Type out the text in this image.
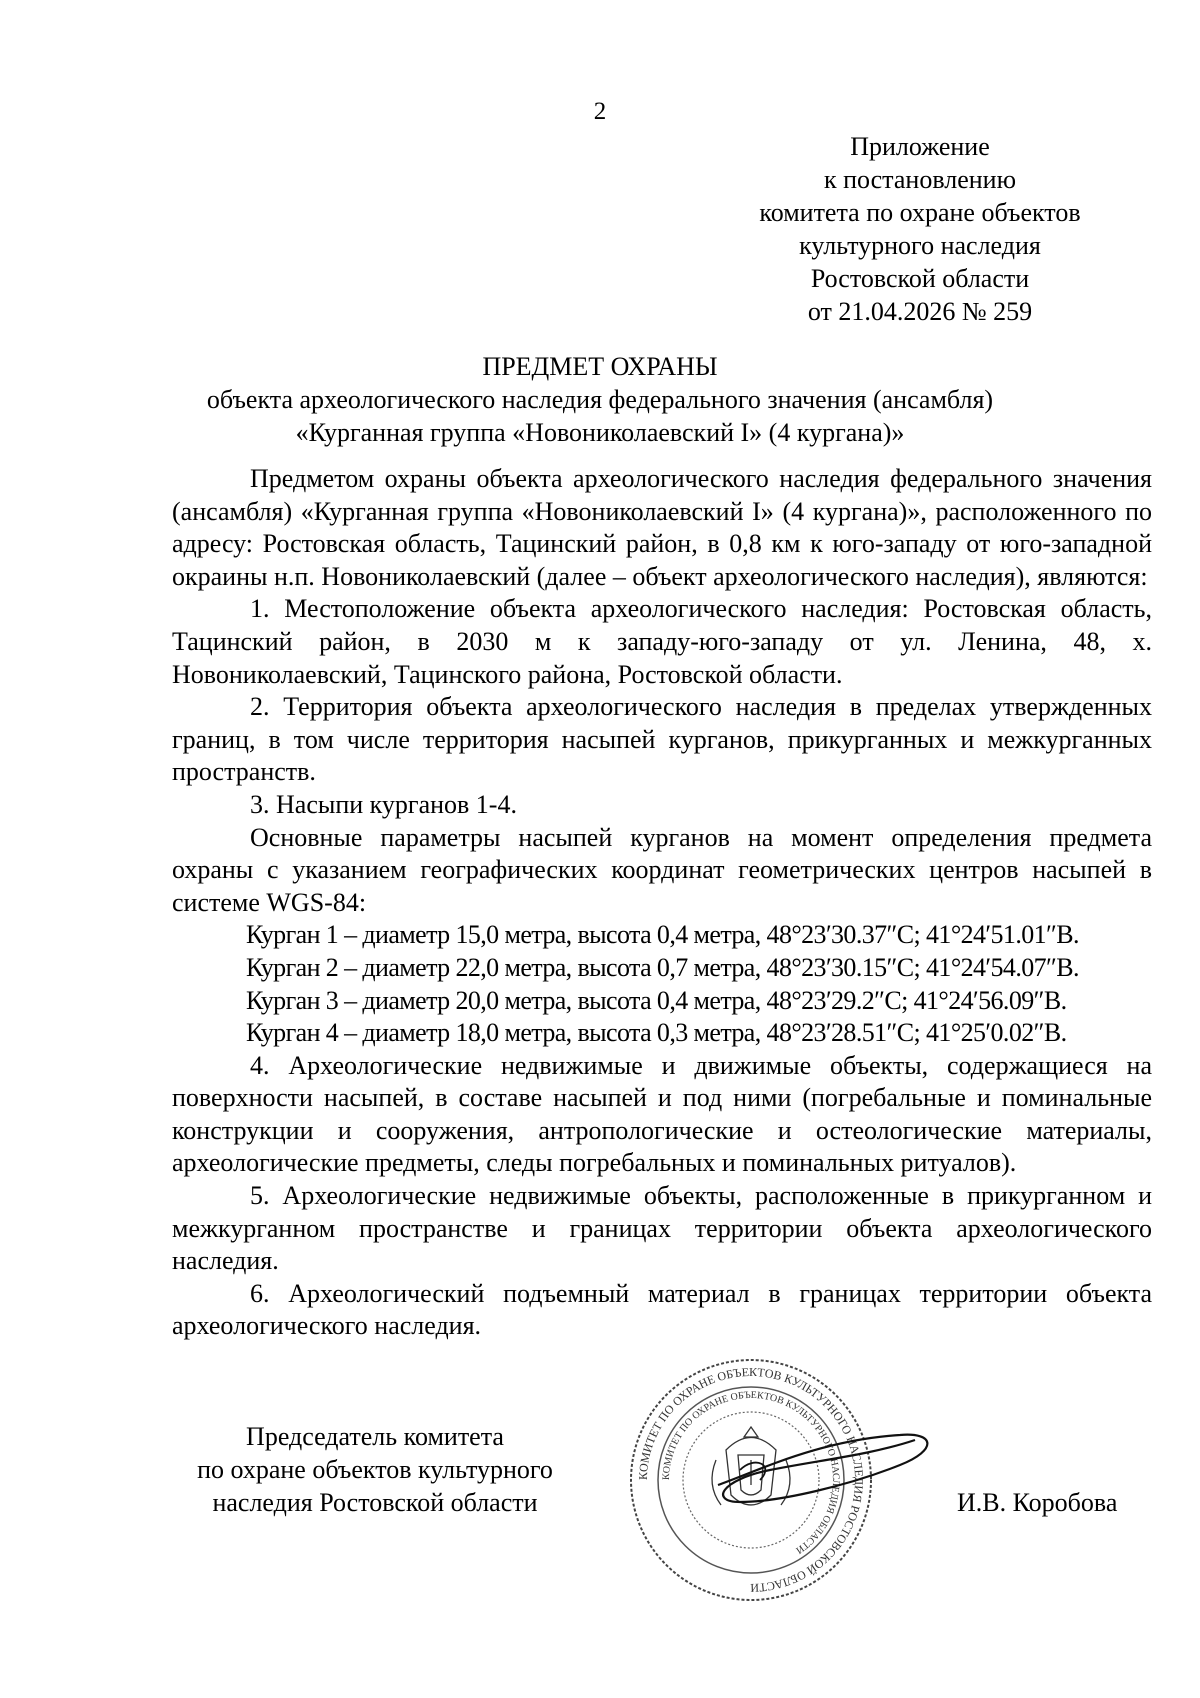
2
Приложение
к постановлению
комитета по охране объектов
культурного наследия
Ростовской области
от 21.04.2026 № 259
ПРЕДМЕТ ОХРАНЫ
объекта археологического наследия федерального значения (ансамбля)
«Курганная группа «Новониколаевский I» (4 кургана)»

Предметом охраны объекта археологического наследия федерального значения (ансамбля) «Курганная группа «Новониколаевский I» (4 кургана)», расположенного по адресу: Ростовская область, Тацинский район, в 0,8 км к юго-западу от юго-западной окраины н.п. Новониколаевский (далее – объект археологического наследия), являются:

1. Местоположение объекта археологического наследия: Ростовская область, Тацинский район, в 2030 м к западу-юго-западу от ул. Ленина, 48, х. Новониколаевский, Тацинского района, Ростовской области.

2. Территория объекта археологического наследия в пределах утвержденных границ, в том числе территория насыпей курганов, прикурганных и межкурганных пространств.

3. Насыпи курганов 1-4.

Основные параметры насыпей курганов на момент определения предмета охраны с указанием географических координат геометрических центров насыпей в системе WGS-84:

Курган 1 – диаметр 15,0 метра, высота 0,4 метра, 48°23′30.37″С; 41°24′51.01″В.
Курган 2 – диаметр 22,0 метра, высота 0,7 метра, 48°23′30.15″С; 41°24′54.07″В.
Курган 3 – диаметр 20,0 метра, высота 0,4 метра, 48°23′29.2″С; 41°24′56.09″В.
Курган 4 – диаметр 18,0 метра, высота 0,3 метра, 48°23′28.51″С; 41°25′0.02″В.

4. Археологические недвижимые и движимые объекты, содержащиеся на поверхности насыпей, в составе насыпей и под ними (погребальные и поминальные конструкции и сооружения, антропологические и остеологические материалы, археологические предметы, следы погребальных и поминальных ритуалов).

5. Археологические недвижимые объекты, расположенные в прикурганном и межкурганном пространстве и границах территории объекта археологического наследия.

6. Археологический подъемный материал в границах территории объекта археологического наследия.

Председатель комитета
по охране объектов культурного
наследия Ростовской области
КОМИТЕТ ПО ОХРАНЕ ОБЪЕКТОВ КУЛЬТУРНОГО НАСЛЕДИЯ РОСТОВСКОЙ ОБЛАСТИ
КОМИТЕТ ПО ОХРАНЕ ОБЪЕКТОВ КУЛЬТУРНОГО НАСЛЕДИЯ ОБЛАСТИ
И.В. Коробова
